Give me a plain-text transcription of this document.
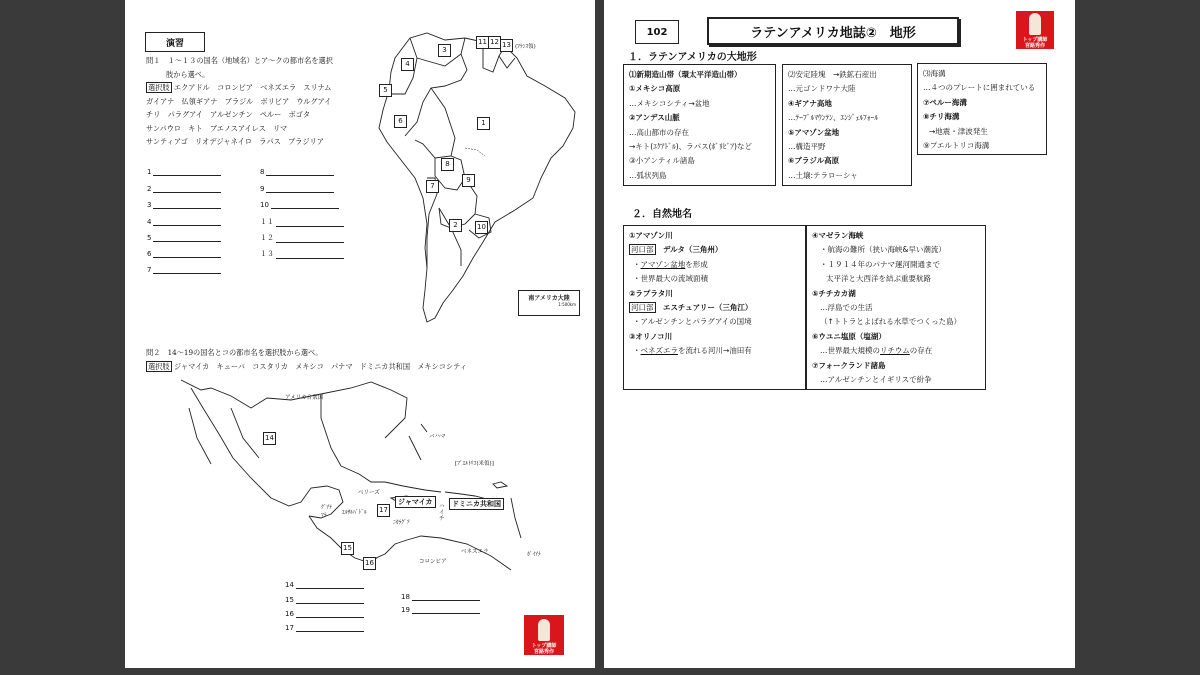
演習
問１　１〜１３の国名（地域名）とア〜クの都市名を選択
肢から選べ。
選択肢 エクアドル　コロンビア　ベネズエラ　スリナム
ガイアナ　仏領ギアナ　ブラジル　ボリビア　ウルグアイ
チリ　パラグアイ　アルゼンチン　ペルー　ボゴタ
サンパウロ　キト　ブエノスアイレス　リマ
サンティアゴ　リオデジャネイロ　ラパス　ブラジリア
1
2
3
4
5
6
7
8
9
10
１１
１２
１３
1
2
3
4
5
6
7
8
9
10
11 12 13 (ﾌﾗﾝｽ領)
南アメリカ大陸
1:500km
問２　14〜19の国名とコの都市名を選択肢から選べ。
選択肢 ジャマイカ　キューバ　コスタリカ　メキシコ　パナマ　ドミニカ共和国　メキシコシティ
アメリカ合衆国
バハマ
[ﾌﾟｴﾙﾄﾘｺ(米領)]
ベリーズ
ジャマイカ
ハイチ
ドミニカ共和国
ｸﾞｱﾃ ﾏﾗ	ｴﾙｻﾙﾊﾞﾄﾞﾙ
ﾆｶﾗｸﾞｱ
ベネズエラ
コロンビア
ｶﾞｲｱﾅ
14
15
16
17
14
15
16
17
18
19
トップ講師
宮路秀作
102	ラテンアメリカ地誌②　地形	トップ講師
宮路秀作
１．ラテンアメリカの大地形
⑴新期造山帯（環太平洋造山帯）
①メキシコ高原
…メキシコシティ→盆地
②アンデス山脈
…高山都市の存在
→キト(ｴｸｱﾄﾞﾙ)、ラパス(ﾎﾞﾘﾋﾞｱ)など
③小アンティル諸島
…弧状列島
⑵安定陸塊　→鉄鉱石産出
…元ゴンドワナ大陸
④ギアナ高地
…ﾃｰﾌﾞﾙﾏｳﾝﾃﾝ、ｴﾝｼﾞｪﾙﾌｫｰﾙ
⑤アマゾン盆地
…構造平野
⑥ブラジル高原
…土壌:テラローシャ
⑶海溝
…４つのプレートに囲まれている
⑦ペルー海溝
⑧チリ海溝
→地震・津波発生
⑨プエルトリコ海溝
２．自然地名
①アマゾン川
河口部　 デルタ（三角州）
・アマゾン盆地を形成
・世界最大の流域面積
②ラプラタ川
河口部　 エスチュアリー（三角江）
・アルゼンチンとパラグアイの国境
③オリノコ川
・ベネズエラを流れる河川→油田有
④マゼラン海峡
・航海の難所（狭い海峡&早い潮流）
・１９１４年のパナマ運河開通まで
太平洋と大西洋を結ぶ重要航路
⑤チチカカ湖
…浮島での生活
（↑トトラとよばれる水草でつくった島）
⑥ウユニ塩原（塩湖）
…世界最大規模のリチウムの存在
⑦フォークランド諸島
…アルゼンチンとイギリスで紛争
